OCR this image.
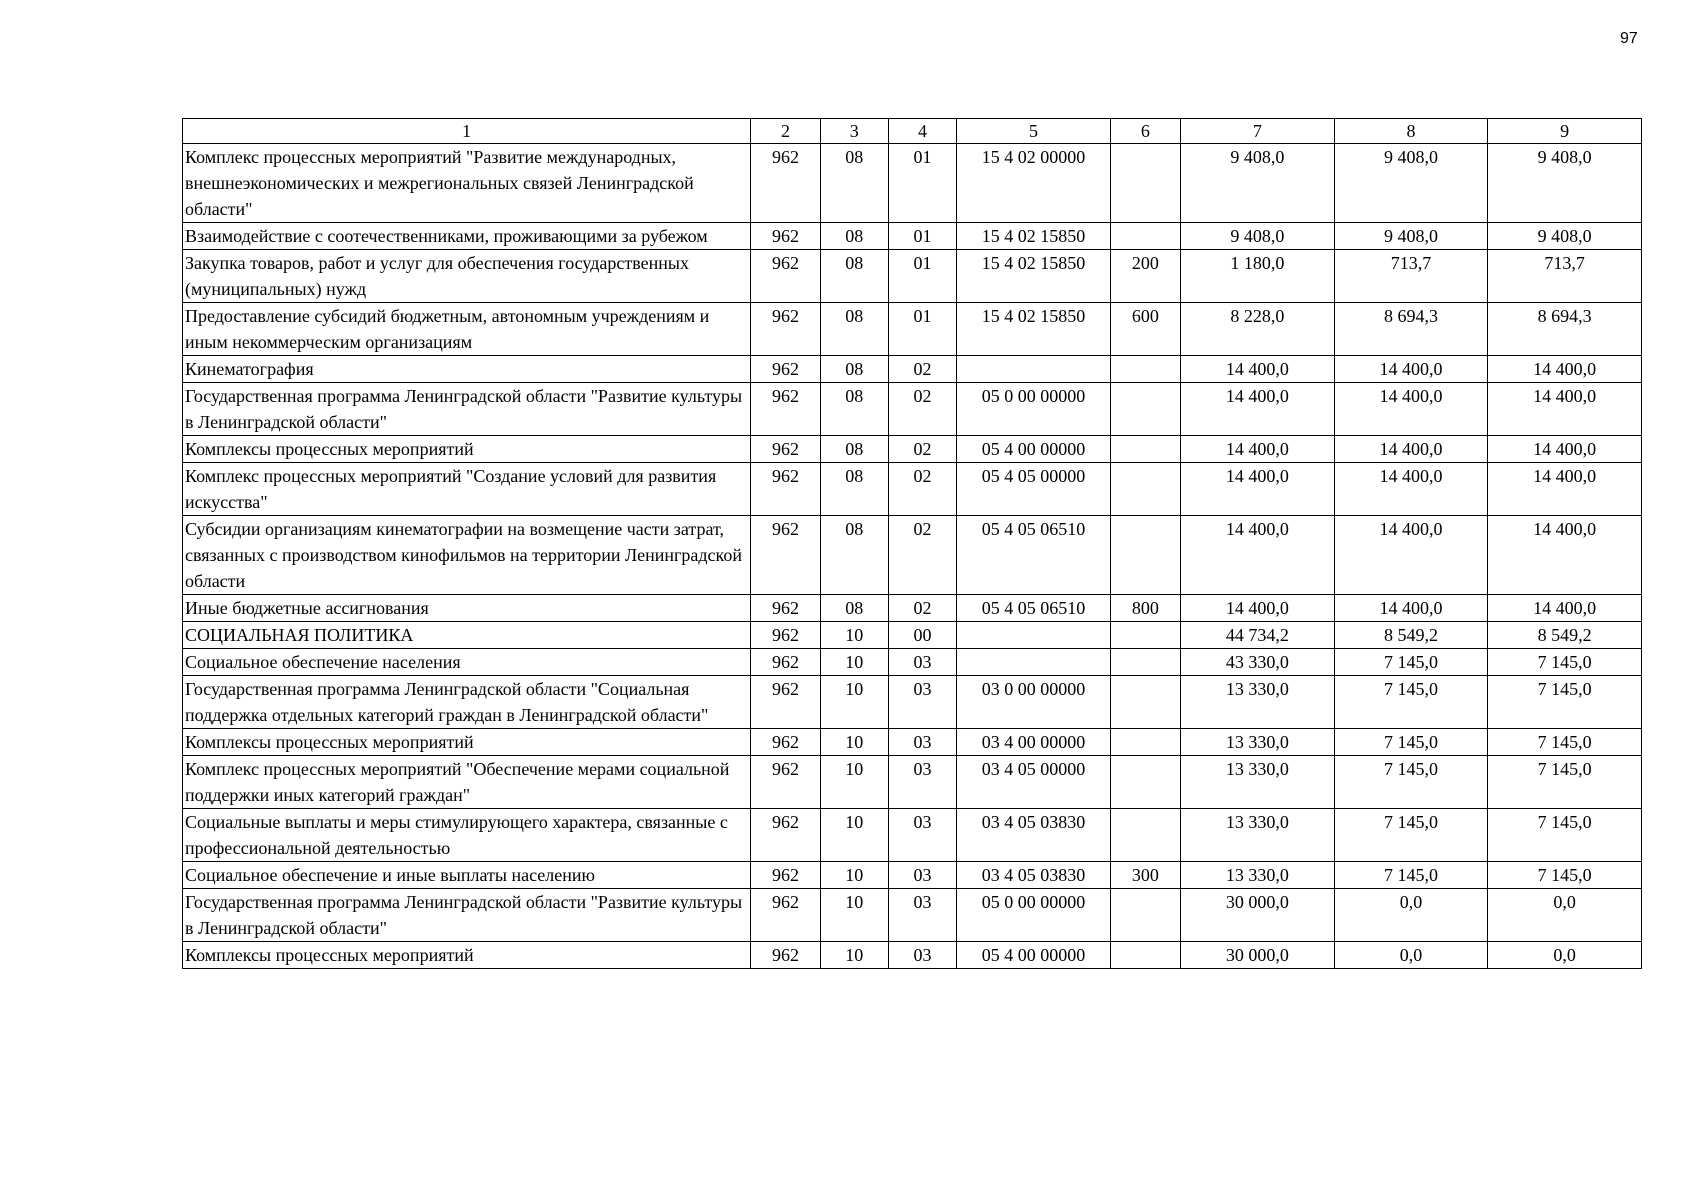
97
1	2	3	4	5	6	7	8	9
Комплекс процессных мероприятий "Развитие международных, внешнеэкономических и межрегиональных связей Ленинградской области"	962	08	01	15 4 02 00000		9 408,0	9 408,0	9 408,0
Взаимодействие с соотечественниками, проживающими за рубежом	962	08	01	15 4 02 15850		9 408,0	9 408,0	9 408,0
Закупка товаров, работ и услуг для обеспечения государственных (муниципальных) нужд	962	08	01	15 4 02 15850	200	1 180,0	713,7	713,7
Предоставление субсидий бюджетным, автономным учреждениям и иным некоммерческим организациям	962	08	01	15 4 02 15850	600	8 228,0	8 694,3	8 694,3
Кинематография	962	08	02			14 400,0	14 400,0	14 400,0
Государственная программа Ленинградской области "Развитие культуры в Ленинградской области"	962	08	02	05 0 00 00000		14 400,0	14 400,0	14 400,0
Комплексы процессных мероприятий	962	08	02	05 4 00 00000		14 400,0	14 400,0	14 400,0
Комплекс процессных мероприятий "Создание условий для развития искусства"	962	08	02	05 4 05 00000		14 400,0	14 400,0	14 400,0
Субсидии организациям кинематографии на возмещение части затрат, связанных с производством кинофильмов на территории Ленинградской области	962	08	02	05 4 05 06510		14 400,0	14 400,0	14 400,0
Иные бюджетные ассигнования	962	08	02	05 4 05 06510	800	14 400,0	14 400,0	14 400,0
СОЦИАЛЬНАЯ ПОЛИТИКА	962	10	00			44 734,2	8 549,2	8 549,2
Социальное обеспечение населения	962	10	03			43 330,0	7 145,0	7 145,0
Государственная программа Ленинградской области "Социальная поддержка отдельных категорий граждан в Ленинградской области"	962	10	03	03 0 00 00000		13 330,0	7 145,0	7 145,0
Комплексы процессных мероприятий	962	10	03	03 4 00 00000		13 330,0	7 145,0	7 145,0
Комплекс процессных мероприятий "Обеспечение мерами социальной поддержки иных категорий граждан"	962	10	03	03 4 05 00000		13 330,0	7 145,0	7 145,0
Социальные выплаты и меры стимулирующего характера, связанные с профессиональной деятельностью	962	10	03	03 4 05 03830		13 330,0	7 145,0	7 145,0
Социальное обеспечение и иные выплаты населению	962	10	03	03 4 05 03830	300	13 330,0	7 145,0	7 145,0
Государственная программа Ленинградской области "Развитие культуры в Ленинградской области"	962	10	03	05 0 00 00000		30 000,0	0,0	0,0
Комплексы процессных мероприятий	962	10	03	05 4 00 00000		30 000,0	0,0	0,0
